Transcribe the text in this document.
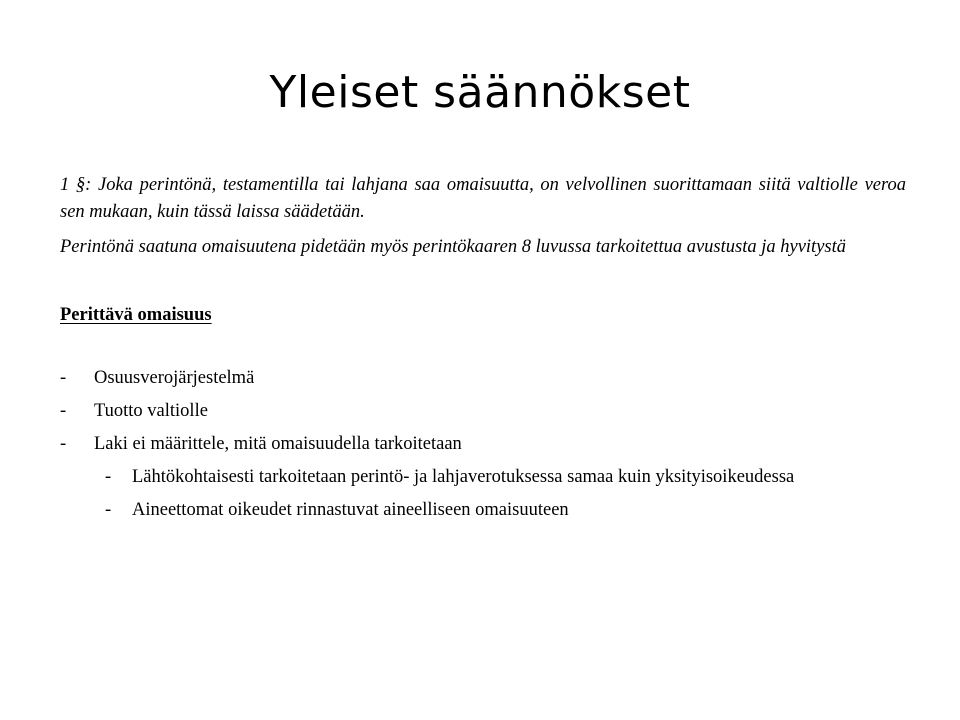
Yleiset säännökset

1 §: Joka perintönä, testamentilla tai lahjana saa omaisuutta, on velvollinen suorittamaan siitä valtiolle veroa sen mukaan, kuin tässä laissa säädetään.

Perintönä saatuna omaisuutena pidetään myös perintökaaren 8 luvussa tarkoitettua avustusta ja hyvitystä

Perittävä omaisuus
-	Osuusverojärjestelmä
-	Tuotto valtiolle
-	Laki ei määrittele, mitä omaisuudella tarkoitetaan
-	Lähtökohtaisesti tarkoitetaan perintö- ja lahjaverotuksessa samaa kuin yksityisoikeudessa
-	Aineettomat oikeudet rinnastuvat aineelliseen omaisuuteen
